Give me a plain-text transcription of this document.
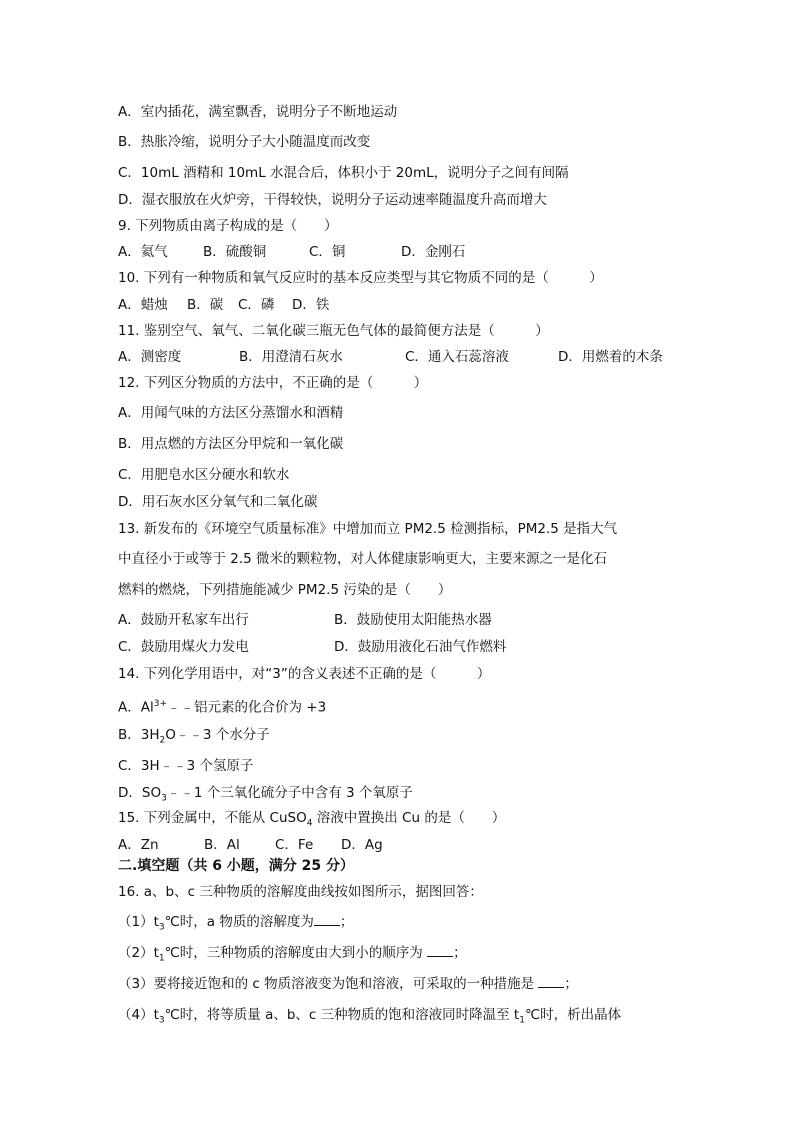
A．室内插花，满室飘香，说明分子不断地运动
B．热胀冷缩，说明分子大小随温度而改变
C．10mL 酒精和 10mL 水混合后，体积小于 20mL，说明分子之间有间隔
D．湿衣服放在火炉旁，干得较快，说明分子运动速率随温度升高而增大
9. 下列物质由离子构成的是（　　）
A．氦气	B．硫酸铜	C．铜	D．金刚石
10. 下列有一种物质和氧气反应时的基本反应类型与其它物质不同的是（　　　）
A．蜡烛 B．碳 C．磷 D．铁
11. 鉴别空气、氧气、二氧化碳三瓶无色气体的最简便方法是（　　　）
A．测密度	B．用澄清石灰水	C．通入石蕊溶液	D．用燃着的木条
12. 下列区分物质的方法中，不正确的是（　　　）
A．用闻气味的方法区分蒸馏水和酒精
B．用点燃的方法区分甲烷和一氧化碳
C．用肥皂水区分硬水和软水
D．用石灰水区分氧气和二氧化碳
13. 新发布的《环境空气质量标准》中增加而立 PM2.5 检测指标，PM2.5 是指大气
中直径小于或等于 2.5 微米的颗粒物，对人体健康影响更大，主要来源之一是化石
燃料的燃烧，下列措施能减少 PM2.5 污染的是（　　）
A．鼓励开私家车出行	B．鼓励使用太阳能热水器
C．鼓励用煤火力发电	D．鼓励用液化石油气作燃料
14. 下列化学用语中，对“3”的含义表述不正确的是（　　　）
A．$Al^{3+}﹣﹣$铝元素的化合价为 +3
B．$3H_2O﹣﹣3$ 个水分子
C．3H﹣﹣3 个氢原子
D．$SO_3﹣﹣1$ 个三氧化硫分子中含有 3 个氧原子
15. 下列金属中，不能从 CuSO$_4$ 溶液中置换出 Cu 的是（　　）
A．Zn	B．Al	C．Fe D．Ag
二.填空题（共 6 小题，满分 25 分）
16. a、b、c 三种物质的溶解度曲线按如图所示，据图回答：
$(1)t_3℃$时，a 物质的溶解度为 ；
$(2)t_1℃$时，三种物质的溶解度由大到小的顺序为 ；
（3）要将接近饱和的 c 物质溶液变为饱和溶液，可采取的一种措施是 ；
$(4)t_3℃$时，将等质量 a、b、c 三种物质的饱和溶液同时降温至 $t_1℃$时，析出晶体
